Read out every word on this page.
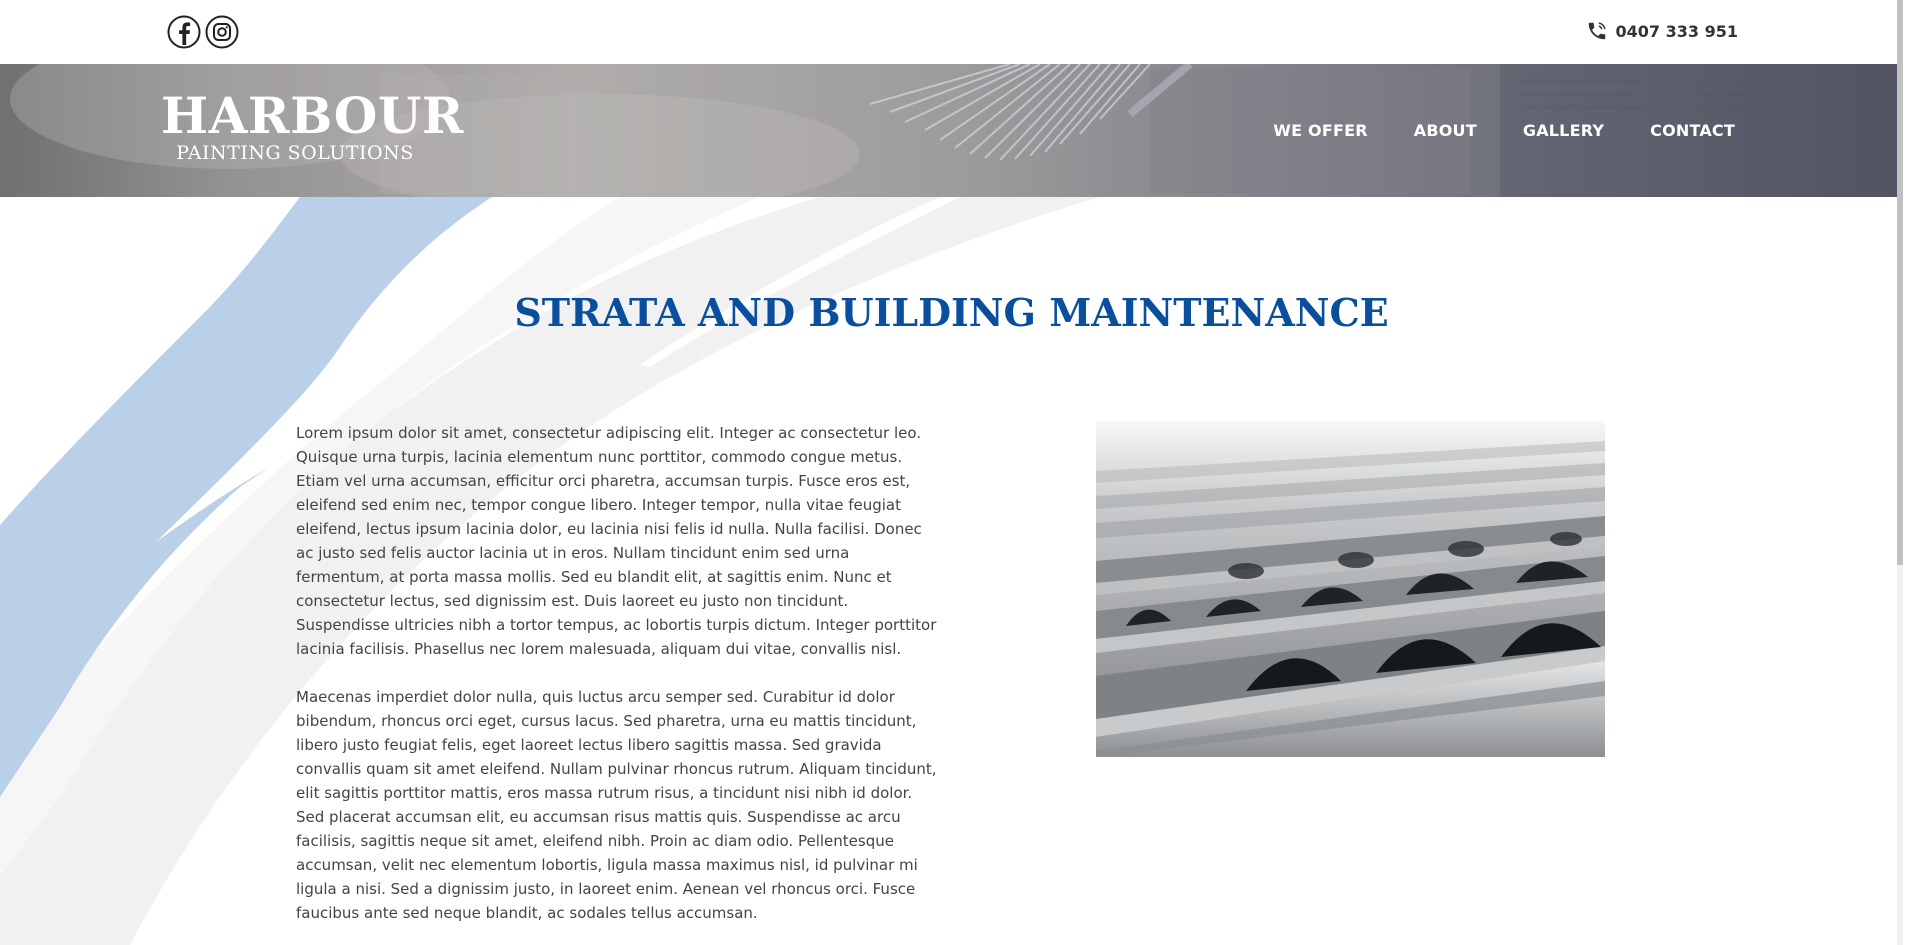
0407 333 951
HARBOUR
PAINTING SOLUTIONS
WE OFFER	ABOUT	GALLERY	CONTACT
STRATA AND BUILDING MAINTENANCE

Lorem ipsum dolor sit amet, consectetur adipiscing elit. Integer ac consectetur leo. Quisque urna turpis, lacinia elementum nunc porttitor, commodo congue metus. Etiam vel urna accumsan, efficitur orci pharetra, accumsan turpis. Fusce eros est, eleifend sed enim nec, tempor congue libero. Integer tempor, nulla vitae feugiat eleifend, lectus ipsum lacinia dolor, eu lacinia nisi felis id nulla. Nulla facilisi. Donec ac justo sed felis auctor lacinia ut in eros. Nullam tincidunt enim sed urna fermentum, at porta massa mollis. Sed eu blandit elit, at sagittis enim. Nunc et consectetur lectus, sed dignissim est. Duis laoreet eu justo non tincidunt. Suspendisse ultricies nibh a tortor tempus, ac lobortis turpis dictum. Integer porttitor lacinia facilisis. Phasellus nec lorem malesuada, aliquam dui vitae, convallis nisl.

Maecenas imperdiet dolor nulla, quis luctus arcu semper sed. Curabitur id dolor bibendum, rhoncus orci eget, cursus lacus. Sed pharetra, urna eu mattis tincidunt, libero justo feugiat felis, eget laoreet lectus libero sagittis massa. Sed gravida convallis quam sit amet eleifend. Nullam pulvinar rhoncus rutrum. Aliquam tincidunt, elit sagittis porttitor mattis, eros massa rutrum risus, a tincidunt nisi nibh id dolor. Sed placerat accumsan elit, eu accumsan risus mattis quis. Suspendisse ac arcu facilisis, sagittis neque sit amet, eleifend nibh. Proin ac diam odio. Pellentesque accumsan, velit nec elementum lobortis, ligula massa maximus nisl, id pulvinar mi ligula a nisi. Sed a dignissim justo, in laoreet enim. Aenean vel rhoncus orci. Fusce faucibus ante sed neque blandit, ac sodales tellus accumsan.
